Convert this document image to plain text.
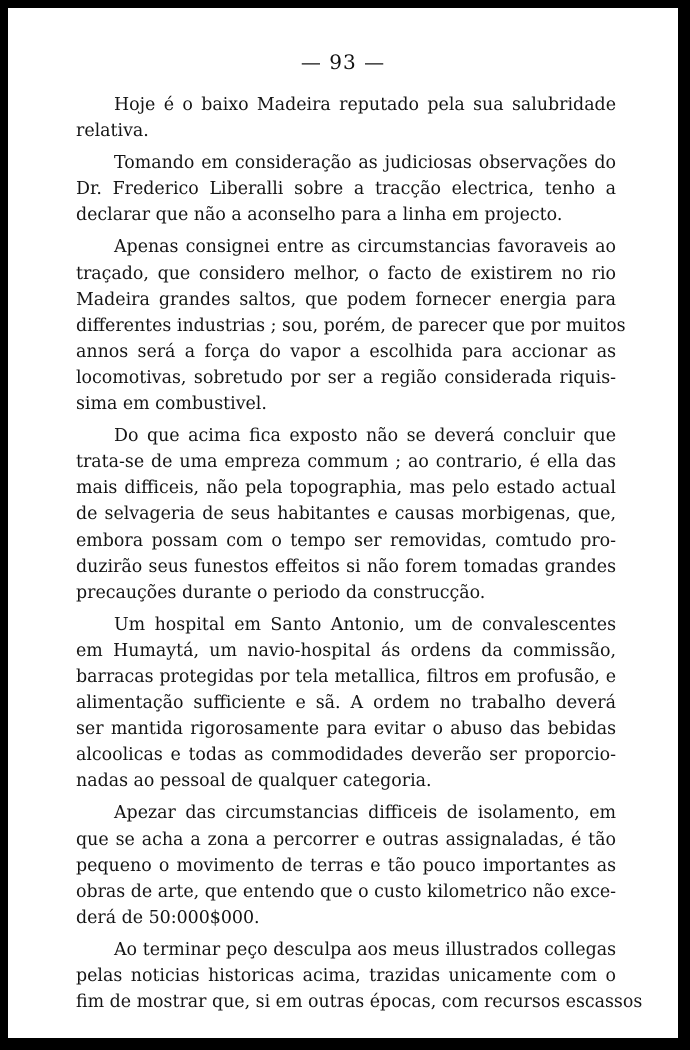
— 93 —
Hoje é o baixo Madeira reputado pela sua salubridade
relativa.
Tomando em consideração as judiciosas observações do
Dr. Frederico Liberalli sobre a tracção electrica, tenho a
declarar que não a aconselho para a linha em projecto.
Apenas consignei entre as circumstancias favoraveis ao
traçado, que considero melhor, o facto de existirem no rio
Madeira grandes saltos, que podem fornecer energia para
differentes industrias ; sou, porém, de parecer que por muitos
annos será a força do vapor a escolhida para accionar as
locomotivas, sobretudo por ser a região considerada riquis-
sima em combustivel.
Do que acima fica exposto não se deverá concluir que
trata-se de uma empreza commum ; ao contrario, é ella das
mais difficeis, não pela topographia, mas pelo estado actual
de selvageria de seus habitantes e causas morbigenas, que,
embora possam com o tempo ser removidas, comtudo pro-
duzirão seus funestos effeitos si não forem tomadas grandes
precauções durante o periodo da construcção.
Um hospital em Santo Antonio, um de convalescentes
em Humaytá, um navio-hospital ás ordens da commissão,
barracas protegidas por tela metallica, filtros em profusão, e
alimentação sufficiente e sã. A ordem no trabalho deverá
ser mantida rigorosamente para evitar o abuso das bebidas
alcoolicas e todas as commodidades deverão ser proporcio-
nadas ao pessoal de qualquer categoria.
Apezar das circumstancias difficeis de isolamento, em
que se acha a zona a percorrer e outras assignaladas, é tão
pequeno o movimento de terras e tão pouco importantes as
obras de arte, que entendo que o custo kilometrico não exce-
derá de 50:000$000.
Ao terminar peço desculpa aos meus illustrados collegas
pelas noticias historicas acima, trazidas unicamente com o
fim de mostrar que, si em outras épocas, com recursos escassos
